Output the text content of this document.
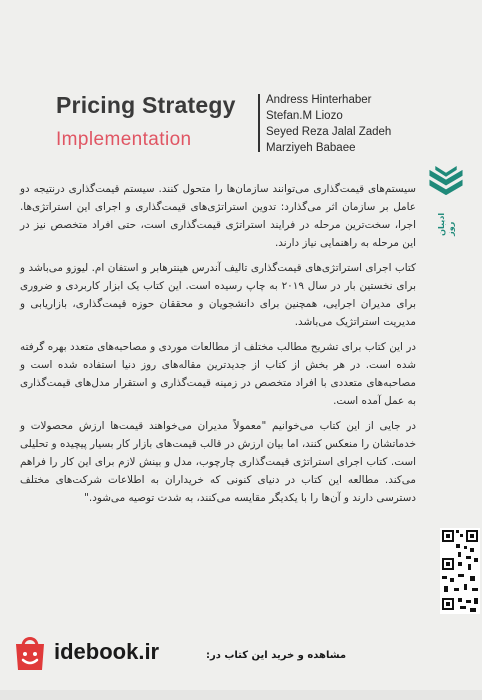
Pricing Strategy
Implementation
Andress Hinterhaber
Stefan.M Liozo
Seyed Reza Jalal Zadeh
Marziyeh Babaee
ادیبان روز

سیستم‌های قیمت‌گذاری می‌توانند سازمان‌ها را متحول کنند. سیستم قیمت‌گذاری درنتیجه دو عامل بر سازمان اثر می‌گذارد: تدوین استراتژی‌های قیمت‌گذاری و اجرای این استراتژی‌ها. اجرا، سخت‌ترین مرحله در فرایند استراتژی قیمت‌گذاری است، حتی افراد متخصص نیز در این مرحله به راهنمایی نیاز دارند.

کتاب اجرای استراتژی‌های قیمت‌گذاری تالیف آندرس هینترهابر و استفان ام. لیوزو می‌باشد و برای نخستین بار در سال ۲۰۱۹ به چاپ رسیده است. این کتاب یک ابزار کاربردی و ضروری برای مدیران اجرایی، همچنین برای دانشجویان و محققان حوزه قیمت‌گذاری، بازاریابی و مدیریت استراتژیک می‌باشد.

در این کتاب برای تشریح مطالب مختلف از مطالعات موردی و مصاحبه‌های متعدد بهره گرفته شده است. در هر بخش از کتاب از جدیدترین مقاله‌های روز دنیا استفاده شده است و مصاحبه‌های متعددی با افراد متخصص در زمینه قیمت‌گذاری و استقرار مدل‌های قیمت‌گذاری به عمل آمده است.

در جایی از این کتاب می‌خوانیم "معمولاً مدیران می‌خواهند قیمت‌ها ارزش محصولات و خدماتشان را منعکس کنند، اما بیان ارزش در قالب قیمت‌های بازار کار بسیار پیچیده و تحلیلی است. کتاب اجرای استراتژی قیمت‌گذاری چارچوب، مدل و بینش لازم برای این کار را فراهم می‌کند. مطالعه این کتاب در دنیای کنونی که خریداران به اطلاعات شرکت‌های مختلف دسترسی دارند و آن‌ها را با یکدیگر مقایسه می‌کنند، به شدت توصیه می‌شود."

idebook.ir	مشاهده و خرید این کتاب در:
